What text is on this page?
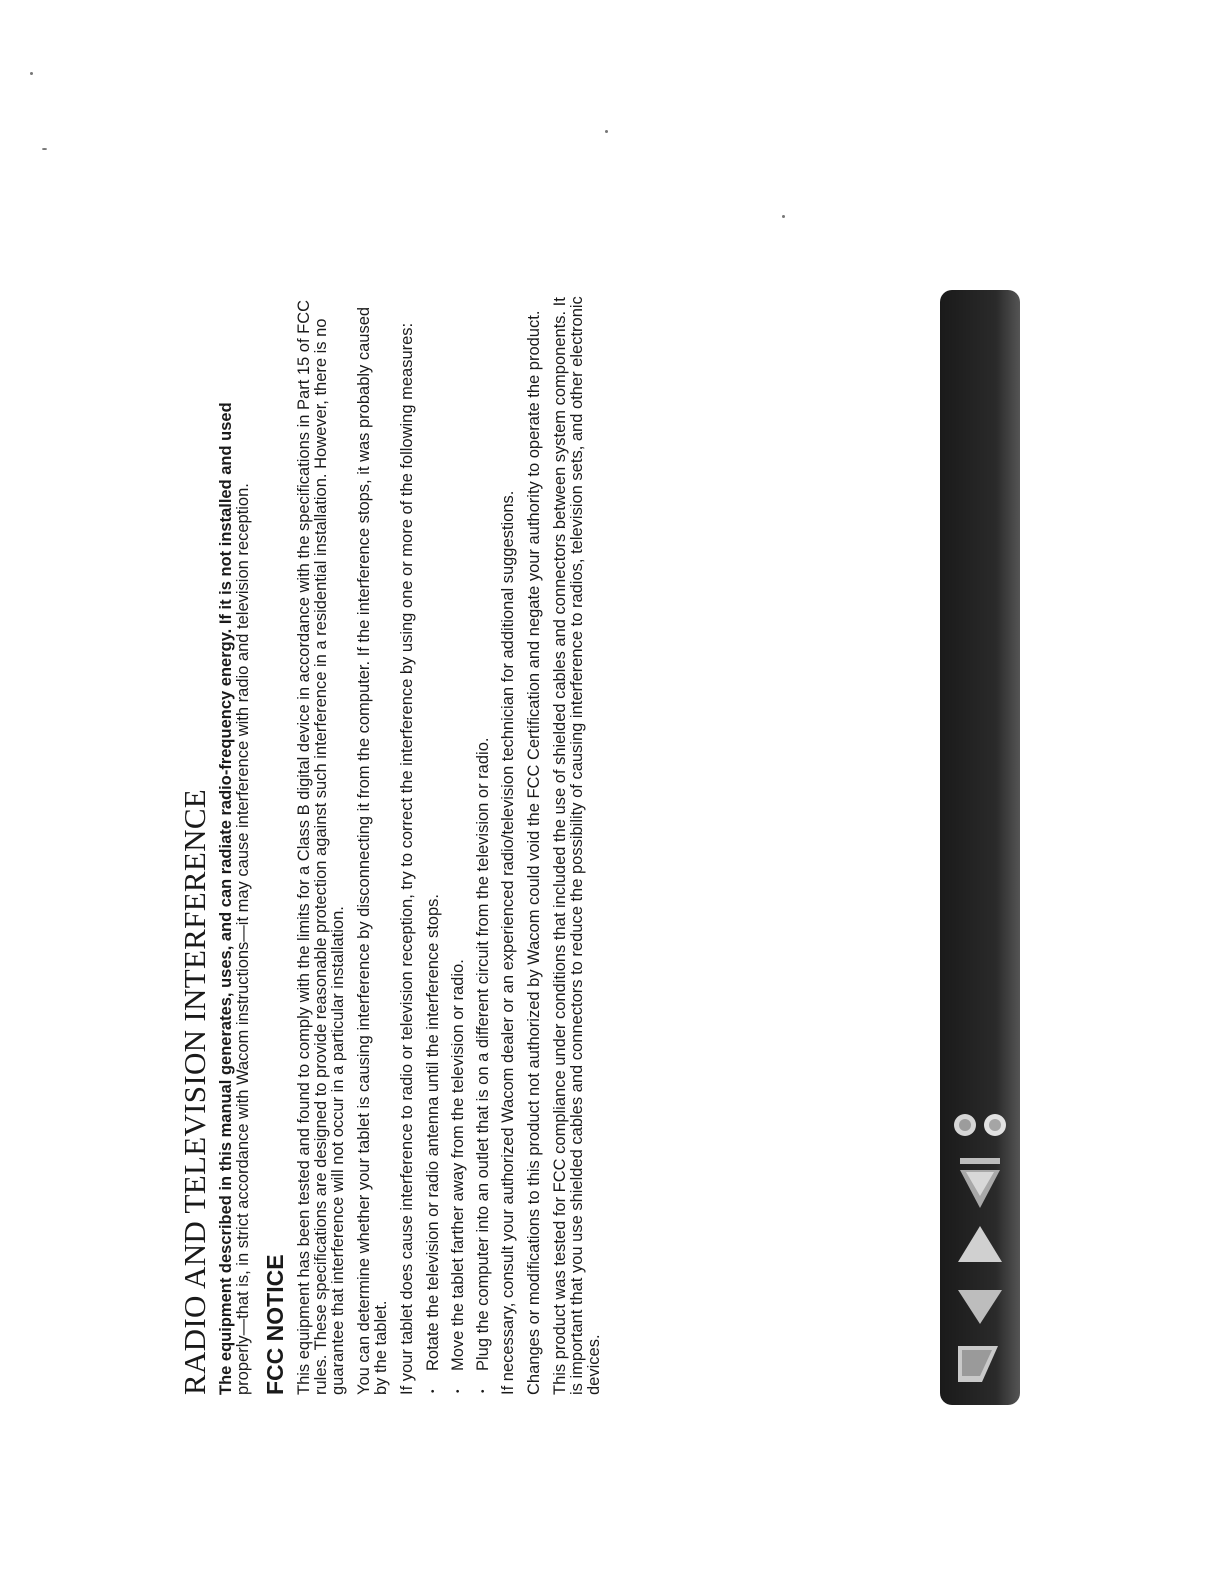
RADIO AND TELEVISION INTERFERENCE The equipment described in this manual generates, uses, and can radiate radio-frequency energy. If it is not installed and used
properly—that is, in strict accordance with Wacom instructions—it may cause interference with radio and television reception. FCC NOTICE This equipment has been tested and found to comply with the limits for a Class B digital device in accordance with the specifications in Part 15 of FCC rules. These specifications are designed to provide reasonable protection against such interference in a residential installation. However, there is no guarantee that interference will not occur in a particular installation. You can determine whether your tablet is causing interference by disconnecting it from the computer. If the interference stops, it was probably caused by the tablet. If your tablet does cause interference to radio or television reception, try to correct the interference by using one or more of the following measures: • Rotate the television or radio antenna until the interference stops. • Move the tablet farther away from the television or radio. • Plug the computer into an outlet that is on a different circuit from the television or radio. If necessary, consult your authorized Wacom dealer or an experienced radio/television technician for additional suggestions. Changes or modifications to this product not authorized by Wacom could void the FCC Certification and negate your authority to operate the product. This product was tested for FCC compliance under conditions that included the use of shielded cables and connectors between system components. It is important that you use shielded cables and connectors to reduce the possibility of causing interference to radios, television sets, and other electronic devices.
